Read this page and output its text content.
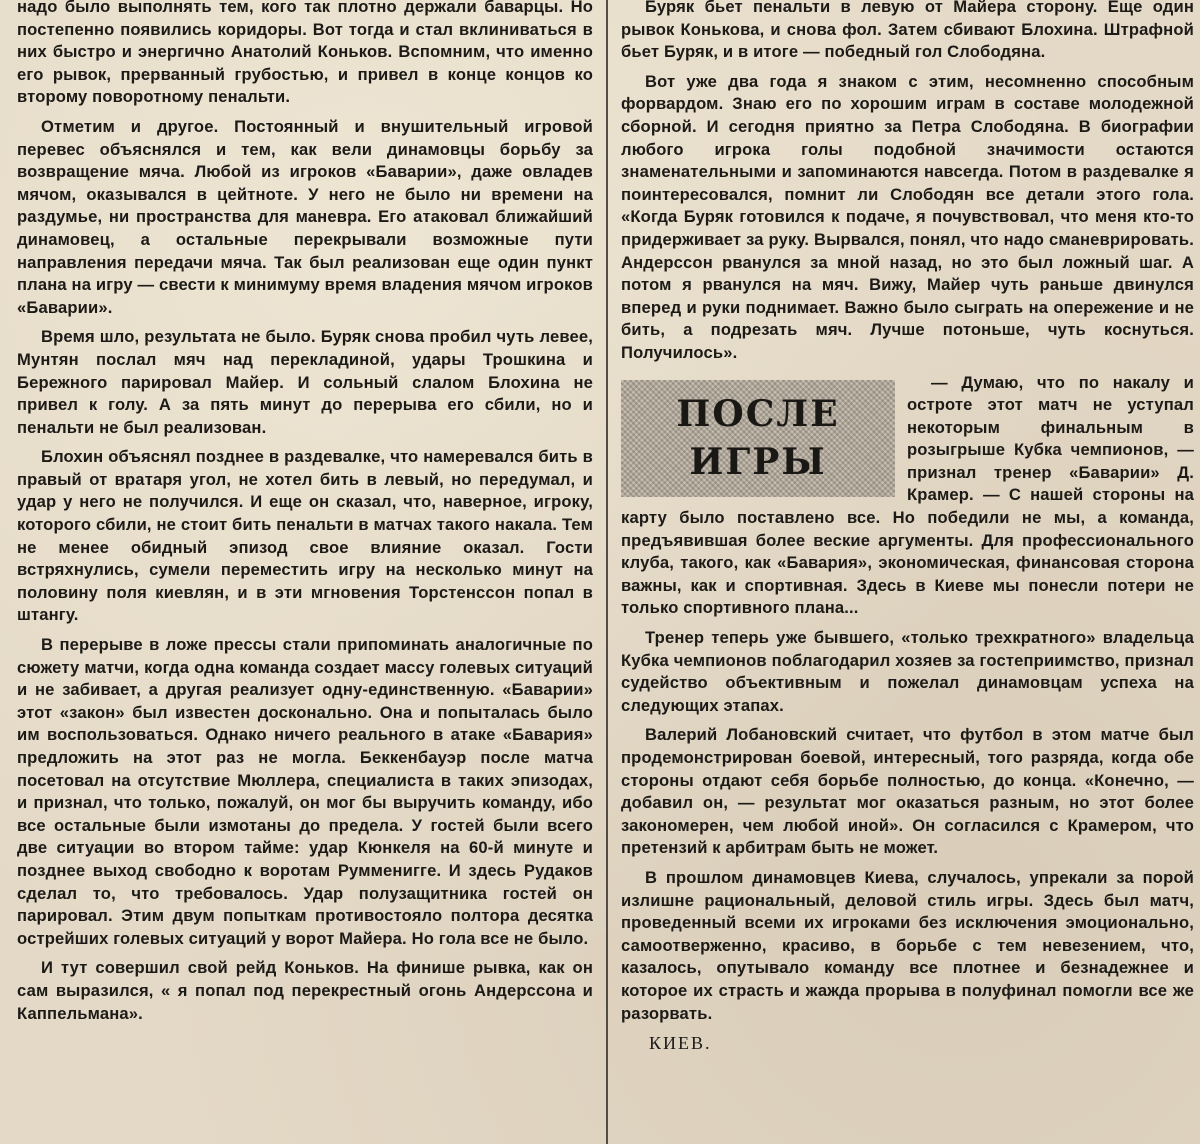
надо было выполнять тем, кого так плотно держали баварцы. Но постепенно появились коридоры. Вот тогда и стал вклиниваться в них быстро и энергично Анатолий Коньков. Вспомним, что именно его рывок, прерванный грубостью, и привел в конце концов ко второму поворотному пенальти.

Отметим и другое. Постоянный и внушительный игровой перевес объяснялся и тем, как вели динамовцы борьбу за возвращение мяча. Любой из игроков «Баварии», даже овладев мячом, оказывался в цейтноте. У него не было ни времени на раздумье, ни пространства для маневра. Его атаковал ближайший динамовец, а остальные перекрывали возможные пути направления передачи мяча. Так был реализован еще один пункт плана на игру — свести к минимуму время владения мячом игроков «Баварии».

Время шло, результата не было. Буряк снова пробил чуть левее, Мунтян послал мяч над перекладиной, удары Трошкина и Бережного парировал Майер. И сольный слалом Блохина не привел к голу. А за пять минут до перерыва его сбили, но и пенальти не был реализован.

Блохин объяснял позднее в раздевалке, что намеревался бить в правый от вратаря угол, не хотел бить в левый, но передумал, и удар у него не получился. И еще он сказал, что, наверное, игроку, которого сбили, не стоит бить пенальти в матчах такого накала. Тем не менее обидный эпизод свое влияние оказал. Гости встряхнулись, сумели переместить игру на несколько минут на половину поля киевлян, и в эти мгновения Торстенссон попал в штангу.

В перерыве в ложе прессы стали припоминать аналогичные по сюжету матчи, когда одна команда создает массу голевых ситуаций и не забивает, а другая реализует одну-единственную. «Баварии» этот «закон» был известен досконально. Она и попыталась было им воспользоваться. Однако ничего реального в атаке «Бавария» предложить на этот раз не могла. Беккенбауэр после матча посетовал на отсутствие Мюллера, специалиста в таких эпизодах, и признал, что только, пожалуй, он мог бы выручить команду, ибо все остальные были измотаны до предела. У гостей были всего две ситуации во втором тайме: удар Кюнкеля на 60-й минуте и позднее выход свободно к воротам Румменигге. И здесь Рудаков сделал то, что требовалось. Удар полузащитника гостей он парировал. Этим двум попыткам противостояло полтора десятка острейших голевых ситуаций у ворот Майера. Но гола все не было.

И тут совершил свой рейд Коньков. На финише рывка, как он сам выразился, « я попал под перекрестный огонь Андерссона и Каппельмана».

Буряк бьет пенальти в левую от Майера сторону. Еще один рывок Конькова, и снова фол. Затем сбивают Блохина. Штрафной бьет Буряк, и в итоге — победный гол Слободяна.

Вот уже два года я знаком с этим, несомненно способным форвардом. Знаю его по хорошим играм в составе молодежной сборной. И сегодня приятно за Петра Слободяна. В биографии любого игрока голы подобной значимости остаются знаменательными и запоминаются навсегда. Потом в раздевалке я поинтересовался, помнит ли Слободян все детали этого гола. «Когда Буряк готовился к подаче, я почувствовал, что меня кто-то придерживает за руку. Вырвался, понял, что надо сманеврировать. Андерссон рванулся за мной назад, но это был ложный шаг. А потом я рванулся на мяч. Вижу, Майер чуть раньше двинулся вперед и руки поднимает. Важно было сыграть на опережение и не бить, а подрезать мяч. Лучше потоньше, чуть коснуться. Получилось».

ПОСЛЕ
ИГРЫ

— Думаю, что по накалу и остроте этот матч не уступал некоторым финальным в розыгрыше Кубка чемпионов, — признал тренер «Баварии» Д. Крамер. — С нашей стороны на карту было поставлено все. Но победили не мы, а команда, предъявившая более веские аргументы. Для профессионального клуба, такого, как «Бавария», экономическая, финансовая сторона важны, как и спортивная. Здесь в Киеве мы понесли потери не только спортивного плана...

Тренер теперь уже бывшего, «только трехкратного» владельца Кубка чемпионов поблагодарил хозяев за гостеприимство, признал судейство объективным и пожелал динамовцам успеха на следующих этапах.

Валерий Лобановский считает, что футбол в этом матче был продемонстрирован боевой, интересный, того разряда, когда обе стороны отдают себя борьбе полностью, до конца. «Конечно, — добавил он, — результат мог оказаться разным, но этот более закономерен, чем любой иной». Он согласился с Крамером, что претензий к арбитрам быть не может.

В прошлом динамовцев Киева, случалось, упрекали за порой излишне рациональный, деловой стиль игры. Здесь был матч, проведенный всеми их игроками без исключения эмоционально, самоотверженно, красиво, в борьбе с тем невезением, что, казалось, опутывало команду все плотнее и безнадежнее и которое их страсть и жажда прорыва в полуфинал помогли все же разорвать.

КИЕВ.
